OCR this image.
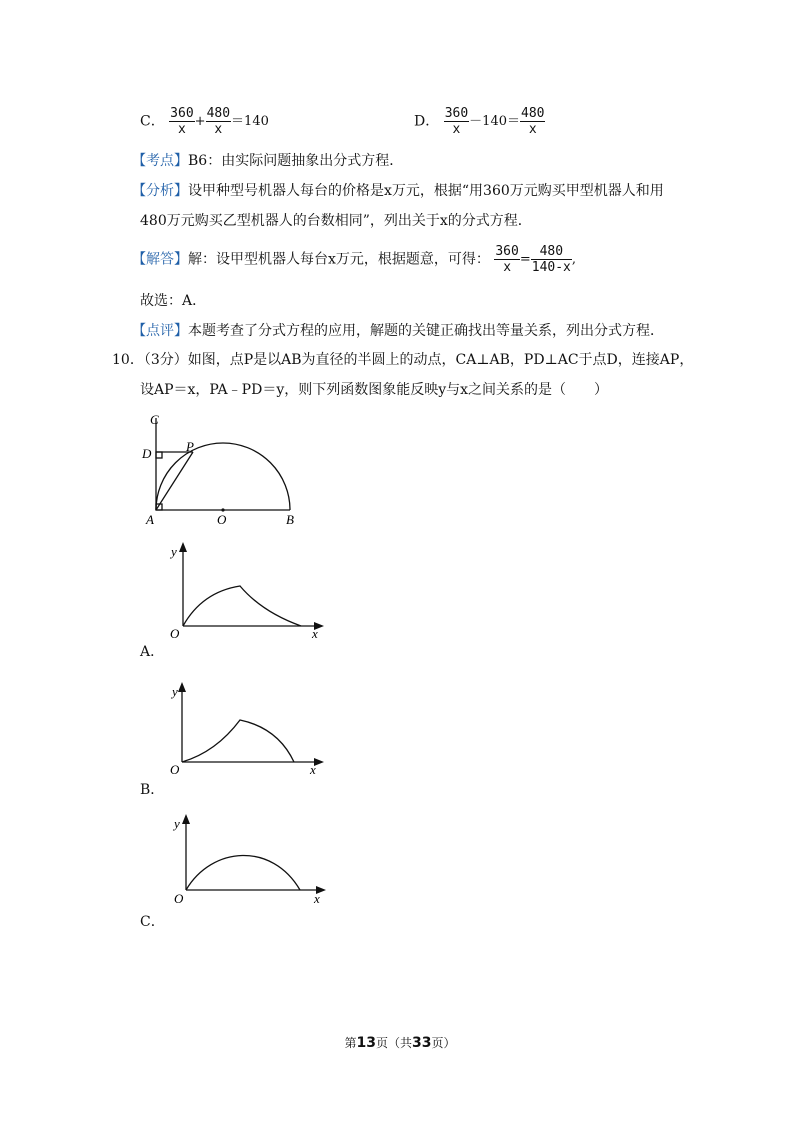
C． $\frac{360}{x} + \frac{480}{x} =140$	D． $\frac{360}{x} -140= \frac{480}{x}$
【考点】B6：由实际问题抽象出分式方程．
【分析】设甲种型号机器人每台的价格是x万元，根据“用360万元购买甲型机器人和用
480万元购买乙型机器人的台数相同”，列出关于x的分式方程．
【解答】解：设甲型机器人每台x万元，根据题意，可得： $\frac{360}{x} = \frac{480}{140-x}$ ,
故选：A．
【点评】本题考查了分式方程的应用，解题的关键正确找出等量关系，列出分式方程．
10．（3分）如图，点P是以AB为直径的半圆上的动点，CA⊥AB，PD⊥AC于点D，连接AP，
设AP＝x，PA﹣PD＝y，则下列函数图象能反映y与x之间关系的是（　　）
C
D	P
A	O	B
y
O	x
A．
y
O	x
B．
y
O	x
C．
第13页（共33页）
